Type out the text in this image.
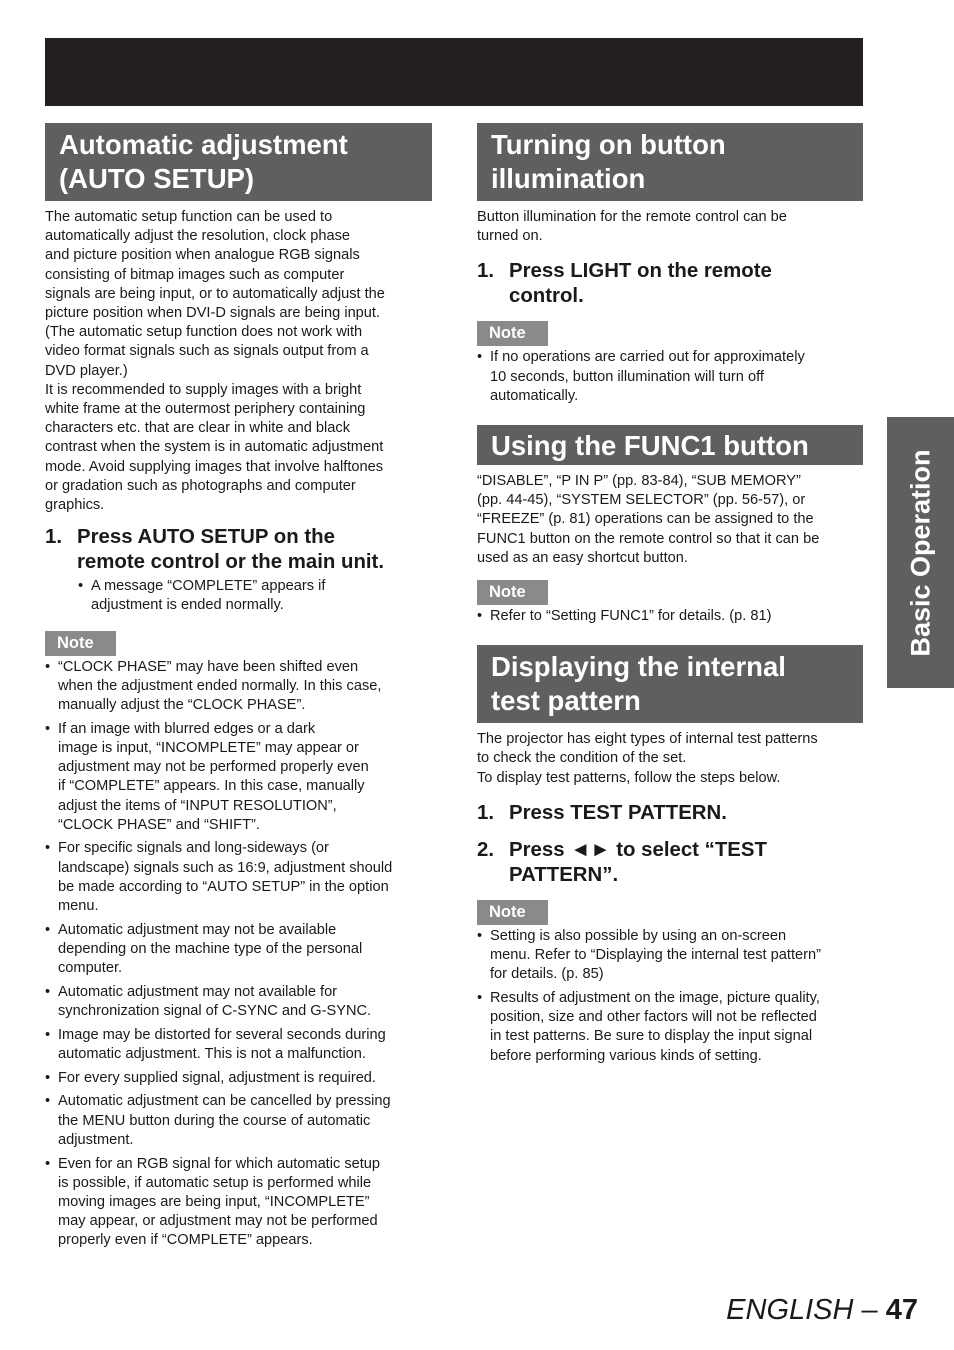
Automatic adjustment
(AUTO SETUP)
The automatic setup function can be used to
automatically adjust the resolution, clock phase
and picture position when analogue RGB signals
consisting of bitmap images such as computer
signals are being input, or to automatically adjust the
picture position when DVI-D signals are being input.
(The automatic setup function does not work with
video format signals such as signals output from a
DVD player.)
It is recommended to supply images with a bright
white frame at the outermost periphery containing
characters etc. that are clear in white and black
contrast when the system is in automatic adjustment
mode. Avoid supplying images that involve halftones
or gradation such as photographs and computer
graphics.
1. Press AUTO SETUP on the
remote control or the main unit.
• A message “COMPLETE” appears if
adjustment is ended normally.
Note
• “CLOCK PHASE” may have been shifted even
when the adjustment ended normally. In this case,
manually adjust the “CLOCK PHASE”.
• If an image with blurred edges or a dark
image is input, “INCOMPLETE” may appear or
adjustment may not be performed properly even
if “COMPLETE” appears. In this case, manually
adjust the items of “INPUT RESOLUTION”,
“CLOCK PHASE” and “SHIFT”.
• For specific signals and long-sideways (or
landscape) signals such as 16:9, adjustment should
be made according to “AUTO SETUP” in the option
menu.
• Automatic adjustment may not be available
depending on the machine type of the personal
computer.
• Automatic adjustment may not available for
synchronization signal of C-SYNC and G-SYNC.
• Image may be distorted for several seconds during
automatic adjustment. This is not a malfunction.
• For every supplied signal, adjustment is required.
• Automatic adjustment can be cancelled by pressing
the MENU button during the course of automatic
adjustment.
• Even for an RGB signal for which automatic setup
is possible, if automatic setup is performed while
moving images are being input, “INCOMPLETE”
may appear, or adjustment may not be performed
properly even if “COMPLETE” appears.
Turning on button
illumination
Button illumination for the remote control can be
turned on.
1. Press LIGHT on the remote
control.
Note
• If no operations are carried out for approximately
10 seconds, button illumination will turn off
automatically.
Using the FUNC1 button
“DISABLE”, “P IN P” (pp. 83-84), “SUB MEMORY”
(pp. 44-45), “SYSTEM SELECTOR” (pp. 56-57), or
“FREEZE” (p. 81) operations can be assigned to the
FUNC1 button on the remote control so that it can be
used as an easy shortcut button.
Note
• Refer to “Setting FUNC1” for details. (p. 81)
Displaying the internal
test pattern
The projector has eight types of internal test patterns
to check the condition of the set.
To display test patterns, follow the steps below.
1. Press TEST PATTERN.
2. Press ◄► to select “TEST
PATTERN”.
Note
• Setting is also possible by using an on-screen
menu. Refer to “Displaying the internal test pattern”
for details. (p. 85)
• Results of adjustment on the image, picture quality,
position, size and other factors will not be reflected
in test patterns. Be sure to display the input signal
before performing various kinds of setting.
Basic Operation
ENGLISH – 47
